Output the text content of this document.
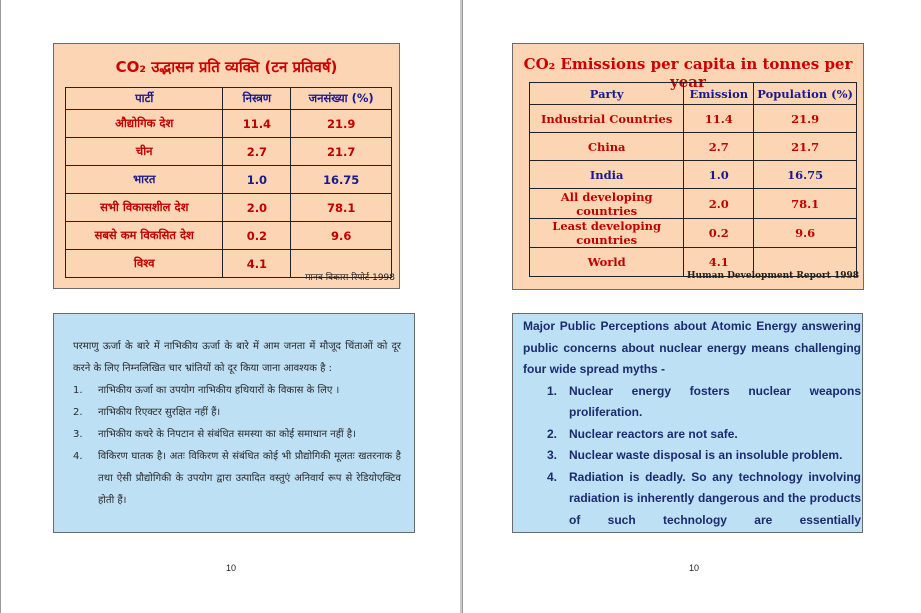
CO₂ उद्भासन प्रति व्यक्ति (टन प्रतिवर्ष)
पार्टी	निस्त्रण	जनसंख्या (%)
औद्योगिक देश	11.4	21.9
चीन	2.7	21.7
भारत	1.0	16.75
सभी विकासशील देश	2.0	78.1
सबसे कम विकसित देश	0.2	9.6
विश्व	4.1	
मानव विकास रिपोर्ट 1998

परमाणु ऊर्जा के बारे में नाभिकीय ऊर्जा के बारे में आम जनता में मौजूद चिंताओं को दूर करने के लिए निम्नलिखित चार भ्रांतियों को दूर किया जाना आवश्यक है :

1.	नाभिकीय ऊर्जा का उपयोग नाभिकीय हथियारों के विकास के लिए ।
2.	नाभिकीय रिएक्टर सुरक्षित नहीं हैं।
3.	नाभिकीय कचरे के निपटान से संबंधित समस्या का कोई समाधान नहीं है।
4.	विकिरण घातक है। अतः विकिरण से संबंधित कोई भी प्रौद्योगिकी मूलतः खतरनाक है तथा ऐसी प्रौद्योगिकी के उपयोग द्वारा उत्पादित वस्तुएं अनिवार्य रूप से रेडियोएक्टिव होती हैं।
10
CO₂ Emissions per capita in tonnes per year
Party	Emission	Population (%)
Industrial Countries	11.4	21.9
China	2.7	21.7
India	1.0	16.75
All developing countries	2.0	78.1
Least developing countries	0.2	9.6
World	4.1	
Human Development Report 1998

Major Public Perceptions about Atomic Energy answering public concerns about nuclear energy means challenging four wide spread myths -

1. Nuclear energy fosters nuclear weapons proliferation.
2. Nuclear reactors are not safe.
3. Nuclear waste disposal is an insoluble problem.
4. Radiation is deadly. So any technology involving radiation is inherently dangerous and the products of such technology are essentially
10
